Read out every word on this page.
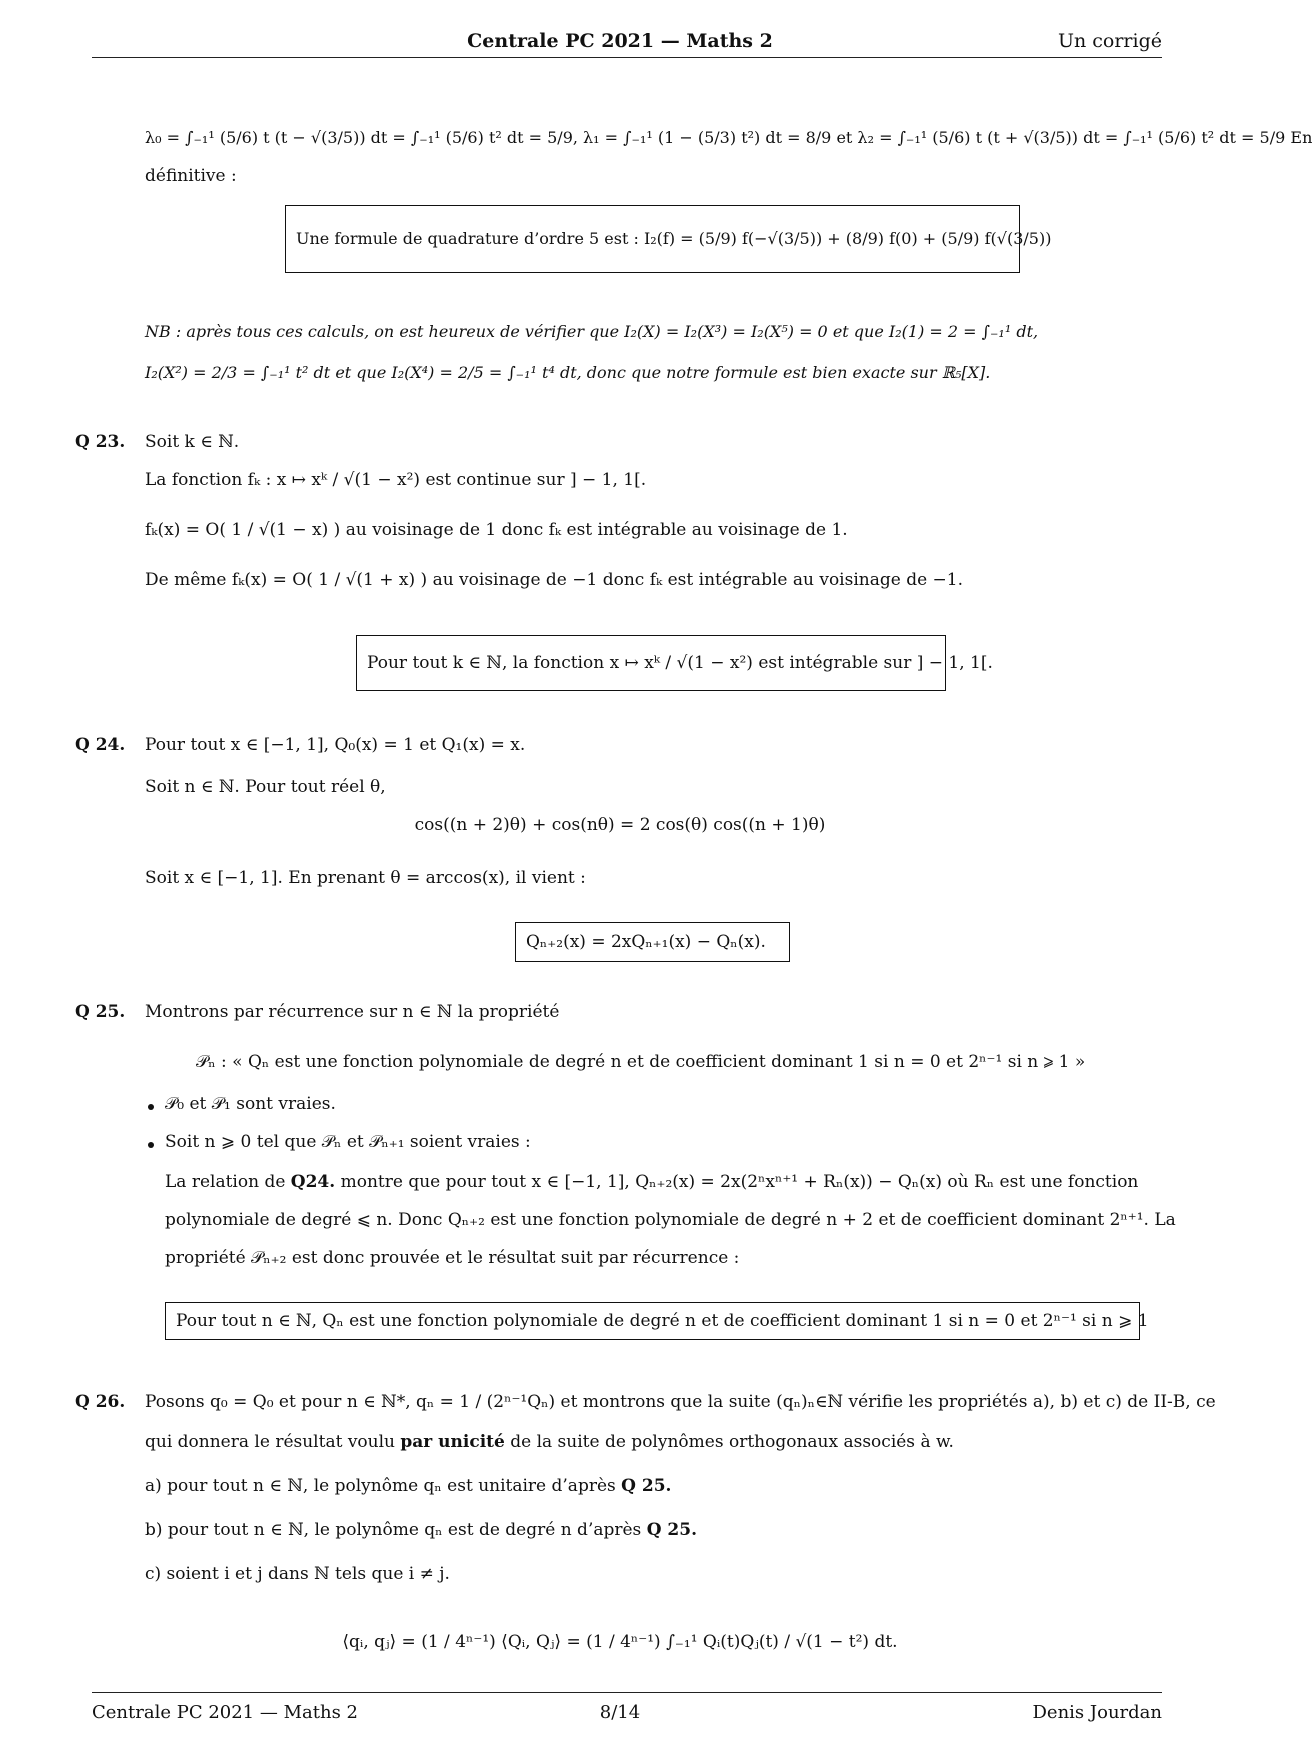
Centrale PC 2021 — Maths 2	Un corrigé
λ₀ = ∫₋₁¹ (5/6) t (t − √(3/5)) dt = ∫₋₁¹ (5/6) t² dt = 5/9, λ₁ = ∫₋₁¹ (1 − (5/3) t²) dt = 8/9 et λ₂ = ∫₋₁¹ (5/6) t (t + √(3/5)) dt = ∫₋₁¹ (5/6) t² dt = 5/9 En
définitive :
Une formule de quadrature d’ordre 5 est : I₂(f) = (5/9) f(−√(3/5)) + (8/9) f(0) + (5/9) f(√(3/5))
NB : après tous ces calculs, on est heureux de vérifier que I₂(X) = I₂(X³) = I₂(X⁵) = 0 et que I₂(1) = 2 = ∫₋₁¹ dt,
I₂(X²) = 2/3 = ∫₋₁¹ t² dt et que I₂(X⁴) = 2/5 = ∫₋₁¹ t⁴ dt, donc que notre formule est bien exacte sur ℝ₅[X].
Q 23. Soit k ∈ ℕ.
La fonction fₖ : x ↦ xᵏ / √(1 − x²) est continue sur ] − 1, 1[.
fₖ(x) = O( 1 / √(1 − x) ) au voisinage de 1 donc fₖ est intégrable au voisinage de 1.
De même fₖ(x) = O( 1 / √(1 + x) ) au voisinage de −1 donc fₖ est intégrable au voisinage de −1.
Pour tout k ∈ ℕ, la fonction x ↦ xᵏ / √(1 − x²) est intégrable sur ] − 1, 1[.
Q 24. Pour tout x ∈ [−1, 1], Q₀(x) = 1 et Q₁(x) = x.
Soit n ∈ ℕ. Pour tout réel θ,
cos((n + 2)θ) + cos(nθ) = 2 cos(θ) cos((n + 1)θ)
Soit x ∈ [−1, 1]. En prenant θ = arccos(x), il vient :
Qₙ₊₂(x) = 2xQₙ₊₁(x) − Qₙ(x).
Q 25. Montrons par récurrence sur n ∈ ℕ la propriété
𝒫ₙ : « Qₙ est une fonction polynomiale de degré n et de coefficient dominant 1 si n = 0 et 2ⁿ⁻¹ si n ⩾ 1 »
𝒫₀ et 𝒫₁ sont vraies.
Soit n ⩾ 0 tel que 𝒫ₙ et 𝒫ₙ₊₁ soient vraies :
La relation de Q24. montre que pour tout x ∈ [−1, 1], Qₙ₊₂(x) = 2x(2ⁿxⁿ⁺¹ + Rₙ(x)) − Qₙ(x) où Rₙ est une fonction
polynomiale de degré ⩽ n. Donc Qₙ₊₂ est une fonction polynomiale de degré n + 2 et de coefficient dominant 2ⁿ⁺¹. La
propriété 𝒫ₙ₊₂ est donc prouvée et le résultat suit par récurrence :
Pour tout n ∈ ℕ, Qₙ est une fonction polynomiale de degré n et de coefficient dominant 1 si n = 0 et 2ⁿ⁻¹ si n ⩾ 1
Q 26. Posons q₀ = Q₀ et pour n ∈ ℕ*, qₙ = 1 / (2ⁿ⁻¹Qₙ) et montrons que la suite (qₙ)ₙ∈ℕ vérifie les propriétés a), b) et c) de II-B, ce
qui donnera le résultat voulu par unicité de la suite de polynômes orthogonaux associés à w.
a) pour tout n ∈ ℕ, le polynôme qₙ est unitaire d’après Q 25.
b) pour tout n ∈ ℕ, le polynôme qₙ est de degré n d’après Q 25.
c) soient i et j dans ℕ tels que i ≠ j.
⟨qᵢ, qⱼ⟩ = (1 / 4ⁿ⁻¹) ⟨Qᵢ, Qⱼ⟩ = (1 / 4ⁿ⁻¹) ∫₋₁¹ Qᵢ(t)Qⱼ(t) / √(1 − t²) dt.
Centrale PC 2021 — Maths 2	8/14	Denis Jourdan
